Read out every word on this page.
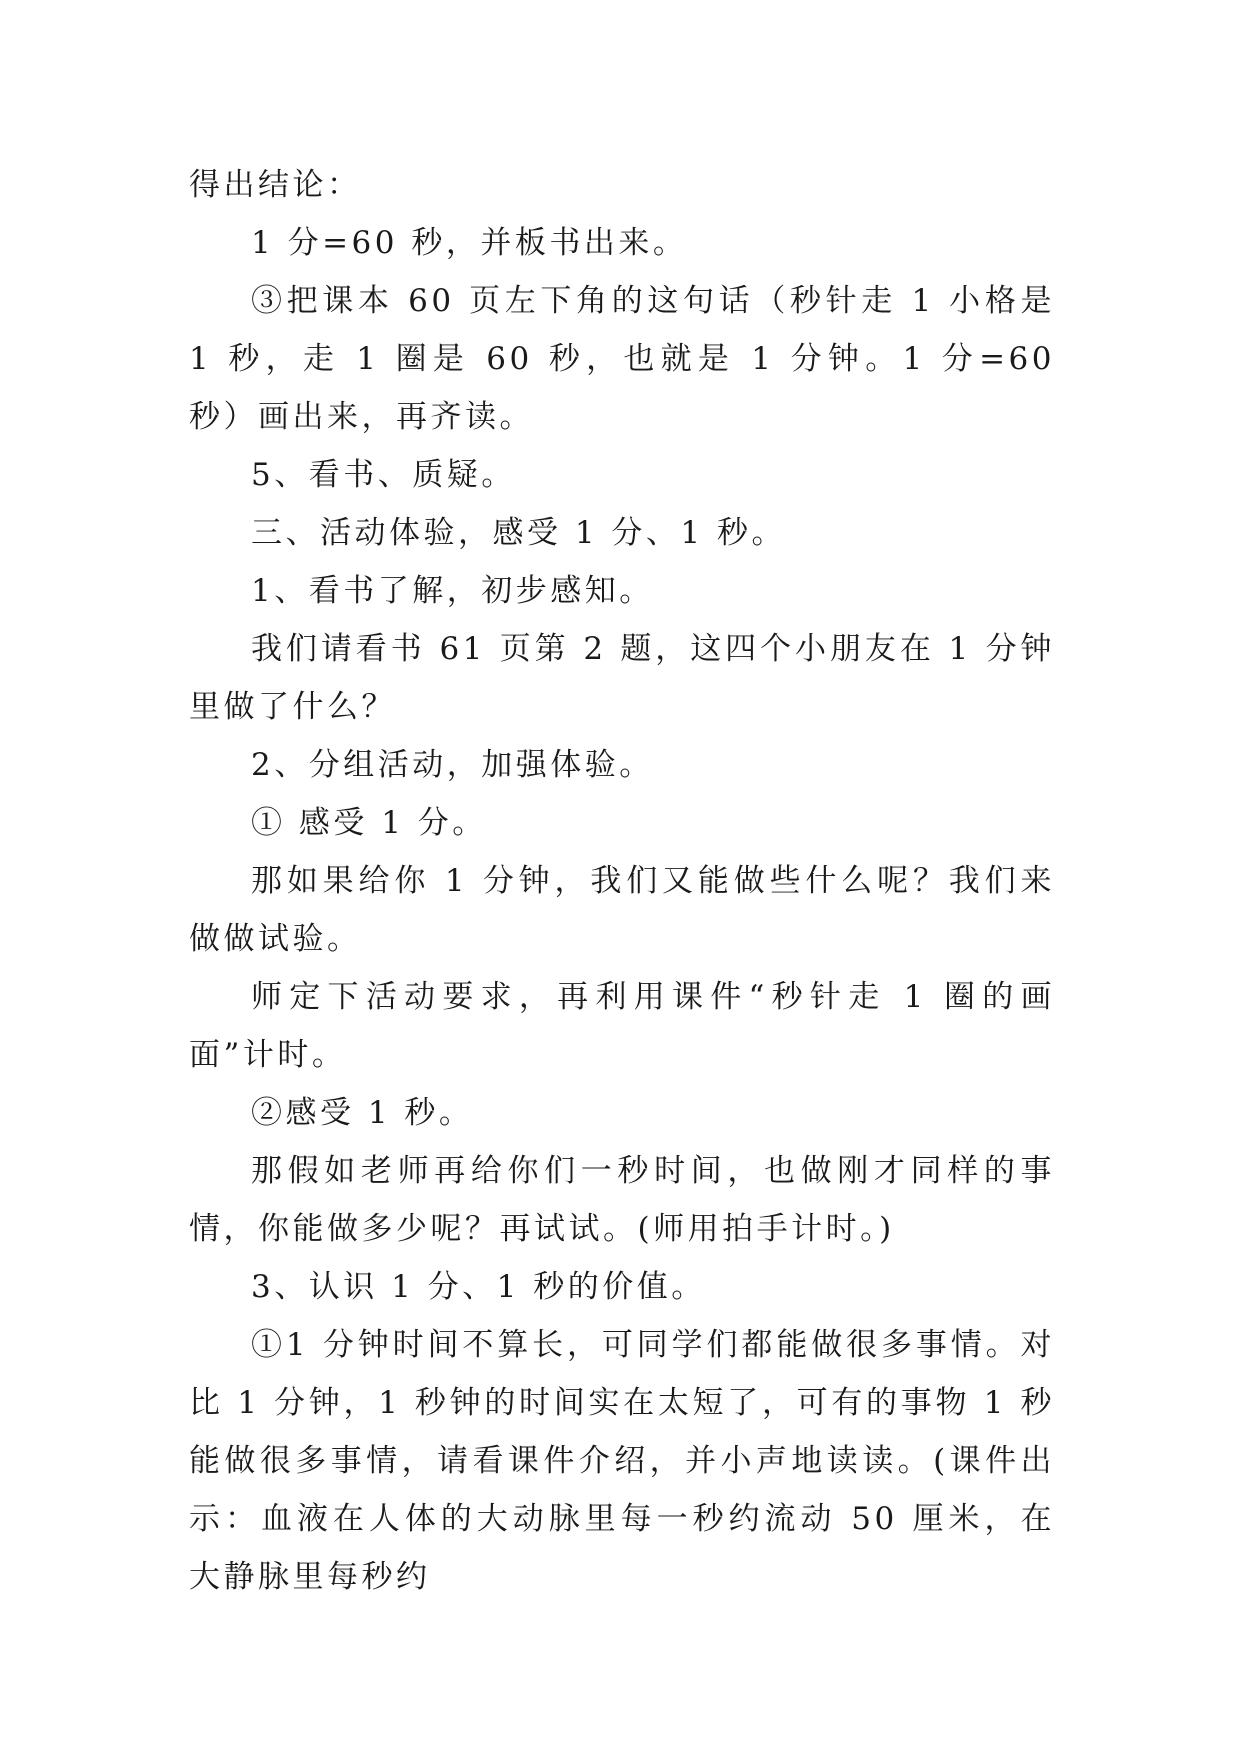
得出结论：

1 分=60 秒，并板书出来。

③把课本 60 页左下角的这句话（秒针走 1 小格是 1 秒，走 1 圈是 60 秒，也就是 1 分钟。1 分=60 秒）画出来，再齐读。

5、看书、质疑。

三、活动体验，感受 1 分、1 秒。

1、看书了解，初步感知。

我们请看书 61 页第 2 题，这四个小朋友在 1 分钟里做了什么？

2、分组活动，加强体验。

① 感受 1 分。

那如果给你 1 分钟，我们又能做些什么呢？我们来做做试验。

师定下活动要求，再利用课件“秒针走 1 圈的画面”计时。

②感受 1 秒。

那假如老师再给你们一秒时间，也做刚才同样的事情，你能做多少呢？再试试。(师用拍手计时。)

3、认识 1 分、1 秒的价值。

①1 分钟时间不算长，可同学们都能做很多事情。对比 1 分钟，1 秒钟的时间实在太短了，可有的事物 1 秒能做很多事情，请看课件介绍，并小声地读读。(课件出示：血液在人体的大动脉里每一秒约流动 50 厘米，在大静脉里每秒约
